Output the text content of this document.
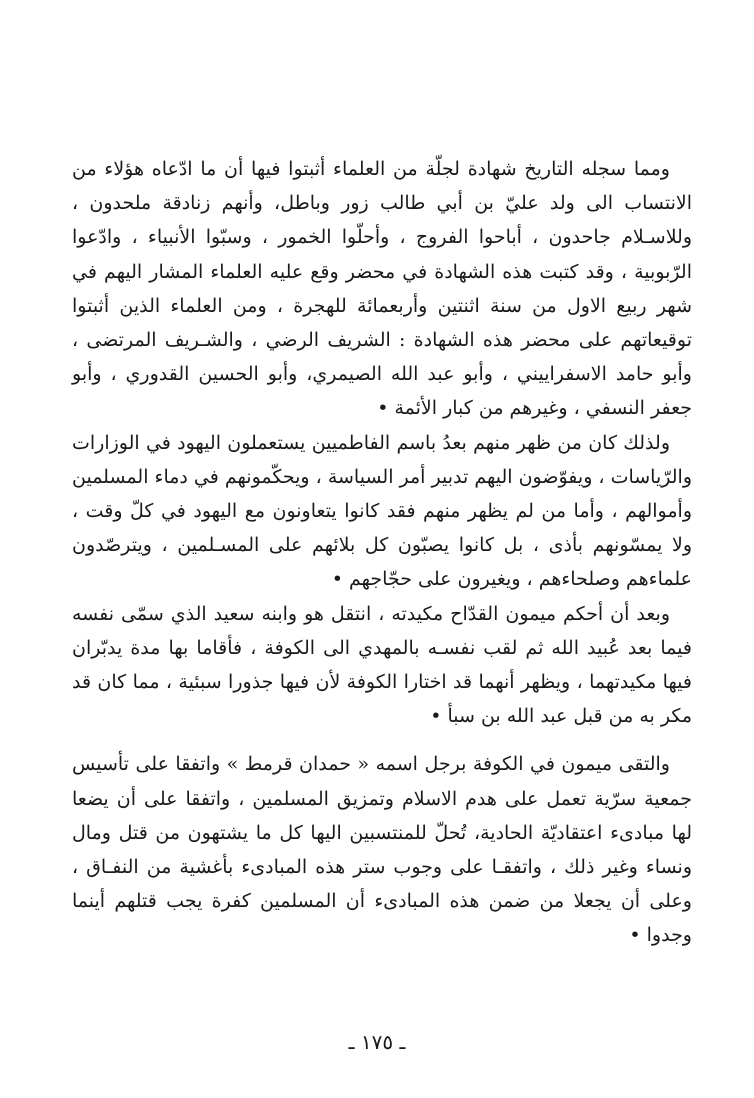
ومما سجله التاريخ شهادة لجلّة من العلماء أثبتوا فيها أن ما ادّعاه هؤلاء من الانتساب الى ولد عليّ بن أبي طالب زور وباطل، وأنهم زنادقة ملحدون ، وللاسـلام جاحدون ، أباحوا الفروج ، وأحلّوا الخمور ، وسبّوا الأنبياء ، وادّعوا الرّبوبية ، وقد كتبت هذه الشهادة في محضر وقع عليه العلماء المشار اليهم في شهر ربيع الاول من سنة اثنتين وأربعمائة للهجرة ، ومن العلماء الذين أثبتوا توقيعاتهم على محضر هذه الشهادة : الشريف الرضي ، والشـريف المرتضى ، وأبو حامد الاسفراييني ، وأبو عبد الله الصيمري، وأبو الحسين القدوري ، وأبو جعفر النسفي ، وغيرهم من كبار الأئمة •

ولذلك كان من ظهر منهم بعدُ باسم الفاطميين يستعملون اليهود في الوزارات والرّياسات ، ويفوّضون اليهم تدبير أمر السياسة ، ويحكّمونهم في دماء المسلمين وأموالهم ، وأما من لم يظهر منهم فقد كانوا يتعاونون مع اليهود في كلّ وقت ، ولا يمسّونهم بأذى ، بل كانوا يصبّون كل بلائهم على المسـلمين ، ويترصّدون علماءهم وصلحاءهم ، ويغيرون على حجّاجهم •

وبعد أن أحكم ميمون القدّاح مكيدته ، انتقل هو وابنه سعيد الذي سمّى نفسه فيما بعد عُبيد الله ثم لقب نفسـه بالمهدي الى الكوفة ، فأقاما بها مدة يدبّران فيها مكيدتهما ، ويظهر أنهما قد اختارا الكوفة لأن فيها جذورا سبئية ، مما كان قد مكر به من قبل عبد الله بن سبأ •

والتقى ميمون في الكوفة برجل اسمه « حمدان قرمط » واتفقا على تأسيس جمعية سرّية تعمل على هدم الاسلام وتمزيق المسلمين ، واتفقا على أن يضعا لها مبادىء اعتقاديّة الحادية، تُحلّ للمنتسبين اليها كل ما يشتهون من قتل ومال ونساء وغير ذلك ، واتفقـا على وجوب ستر هذه المبادىء بأغشية من النفـاق ، وعلى أن يجعلا من ضمن هذه المبادىء أن المسلمين كفرة يجب قتلهم أينما وجدوا •

ـ ١٧٥ ـ
